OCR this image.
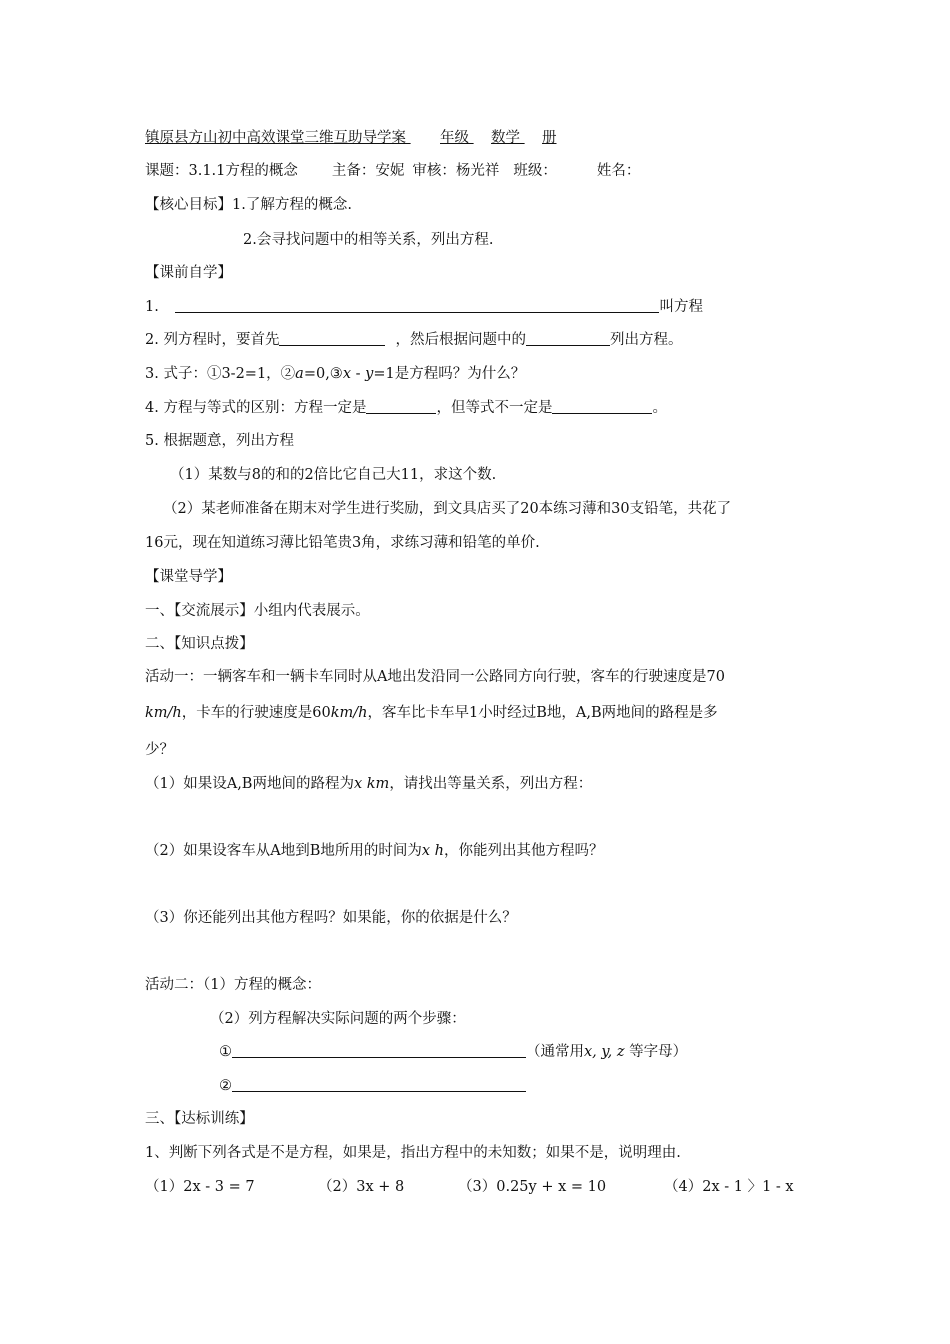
镇原县方山初中高效课堂三维互助导学案 年级 数学 册
课题：3.1.1方程的概念 主备：安妮 审核：杨光祥 班级：	姓名：
【核心目标】1.了解方程的概念.
2.会寻找问题中的相等关系，列出方程.
【课前自学】
1.	叫方程
2. 列方程时，要首先	，然后根据问题中的	列出方程。
3. 式子：①3-2=1，②a=0,③x - y=1是方程吗？为什么？
4. 方程与等式的区别：方程一定是	，但等式不一定是	。
5. 根据题意，列出方程
（1）某数与8的和的2倍比它自己大11，求这个数.
（2）某老师准备在期末对学生进行奖励，到文具店买了20本练习薄和30支铅笔，共花了
16元，现在知道练习薄比铅笔贵3角，求练习薄和铅笔的单价.
【课堂导学】
一、【交流展示】小组内代表展示。
二、【知识点拨】
活动一：一辆客车和一辆卡车同时从A地出发沿同一公路同方向行驶，客车的行驶速度是70
km/h，卡车的行驶速度是60km/h，客车比卡车早1小时经过B地，A,B两地间的路程是多
少？
（1）如果设A,B两地间的路程为x km，请找出等量关系，列出方程：
（2）如果设客车从A地到B地所用的时间为x h，你能列出其他方程吗？
（3）你还能列出其他方程吗？如果能，你的依据是什么？
活动二：（1）方程的概念：
（2）列方程解决实际问题的两个步骤：
①	（通常用x, y, z 等字母）
②
三、【达标训练】
1、判断下列各式是不是方程，如果是，指出方程中的未知数；如果不是，说明理由.
（1）2x - 3 = 7	（2）3x + 8	（3）0.25y + x = 10	（4）2x - 1 〉1 - x
